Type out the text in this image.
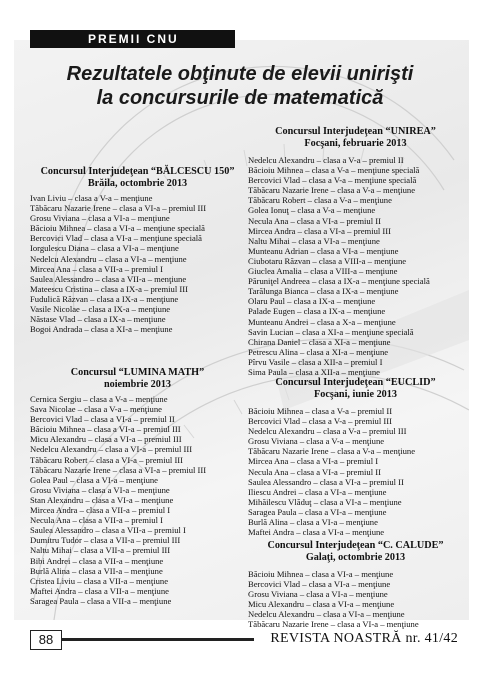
PREMII CNU
Rezultatele obţinute de elevii unirişti
la concursurile de matematică
Concursul Interjudeţean “BĂLCESCU 150”
Brăila, octombrie 2013
Ivan Liviu – clasa a V-a – menţiune
Tăbăcaru Nazarie Irene – clasa a VI-a – premiul III
Grosu Viviana – clasa a VI-a – menţiune
Băcioiu Mihnea – clasa a VI-a – menţiune specială
Bercovici Vlad – clasa a VI-a – menţiune specială
Iorgulescu Diana – clasa a VI-a – menţiune
Nedelcu Alexandru – clasa a VI-a – menţiune
Mircea Ana – clasa a VII-a – premiul I
Saulea Alessandro – clasa a VII-a – menţiune
Mateescu Cristina – clasa a IX-a – premiul III
Fudulică Răzvan – clasa a IX-a – menţiune
Vasile Nicolae – clasa a IX-a – menţiune
Năstase Vlad – clasa a IX-a – menţiune
Bogoi Andrada – clasa a XI-a – menţiune
Concursul “LUMINA MATH”
noiembrie 2013
Cernica Sergiu – clasa a V-a – menţiune
Sava Nicolae – clasa a V-a – menţiune
Bercovici Vlad – clasa a VI-a – premiul II
Băcioiu Mihnea – clasa a VI-a – premiul III
Micu Alexandru – clasa a VI-a – premiul III
Nedelcu Alexandru – clasa a VI-a – premiul III
Tăbăcaru Robert – clasa a VI-a – premiul III
Tăbăcaru Nazarie Irene – clasa a VI-a – premiul III
Golea Paul – clasa a VI-a – menţiune
Grosu Viviana – clasa a VI-a – menţiune
Stan Alexandru – clasa a VI-a – menţiune
Mircea Andra – clasa a VII-a – premiul I
Necula Ana – clasa a VII-a – premiul I
Saulea Alessandro – clasa a VII-a – premiul I
Dumitru Tudor – clasa a VII-a – premiul III
Naltu Mihai – clasa a VII-a – premiul III
Bibi Andrei – clasa a VII-a – menţiune
Burlă Alina – clasa a VII-a – menţiune
Cristea Liviu – clasa a VII-a – menţiune
Maftei Andra – clasa a VII-a – menţiune
Saragea Paula – clasa a VII-a – menţiune
Concursul Interjudeţean “UNIREA”
Focşani, februarie 2013
Nedelcu Alexandru – clasa a V-a – premiul II
Băcioiu Mihnea – clasa a V-a – menţiune specială
Bercovici Vlad – clasa a V-a – menţiune specială
Tăbăcaru Nazarie Irene – clasa a V-a – menţiune
Tăbăcaru Robert – clasa a V-a – menţiune
Golea Ionuţ – clasa a V-a – menţiune
Necula Ana – clasa a VI-a – premiul II
Mircea Andra – clasa a VI-a – premiul III
Naltu Mihai – clasa a VI-a – menţiune
Munteanu Adrian – clasa a VI-a – menţiune
Ciubotaru Răzvan – clasa a VIII-a – menţiune
Giuclea Amalia – clasa a VIII-a – menţiune
Păruniţel Andreea – clasa a IX-a – menţiune specială
Tarălunga Bianca – clasa a IX-a – menţiune
Olaru Paul – clasa a IX-a – menţiune
Palade Eugen – clasa a IX-a – menţiune
Munteanu Andrei – clasa a X-a – menţiune
Savin Lucian – clasa a XI-a – menţiune specială
Chirana Daniel – clasa a XI-a – menţiune
Petrescu Alina – clasa a XI-a – menţiune
Pîrvu Vasile – clasa a XII-a – premiul I
Sima Paula – clasa a XII-a – menţiune
Concursul Interjudeţean “EUCLID”
Focşani, iunie 2013
Băcioiu Mihnea – clasa a V-a – premiul II
Bercovici Vlad – clasa a V-a – premiul III
Nedelcu Alexandru – clasa a V-a – premiul III
Grosu Viviana – clasa a V-a – menţiune
Tăbăcaru Nazarie Irene – clasa a V-a – menţiune
Mircea Ana – clasa a VI-a – premiul I
Necula Ana – clasa a VI-a – premiul II
Saulea Alessandro – clasa a VI-a – premiul II
Iliescu Andrei – clasa a VI-a – menţiune
Mihăilescu Vlăduţ – clasa a VI-a – menţiune
Saragea Paula – clasa a VI-a – menţiune
Burlă Alina – clasa a VI-a – menţiune
Maftei Andra – clasa a VI-a – menţiune
Concursul Interjudeţean “C. CALUDE”
Galaţi, octombrie 2013
Băcioiu Mihnea – clasa a VI-a – menţiune
Bercovici Vlad – clasa a VI-a – menţiune
Grosu Viviana – clasa a VI-a – menţiune
Micu Alexandru – clasa a VI-a – menţiune
Nedelcu Alexandru – clasa a VI-a – menţiune
Tăbăcaru Nazarie Irene – clasa a VI-a – menţiune
88	REVISTA NOASTRĂ nr. 41/42
